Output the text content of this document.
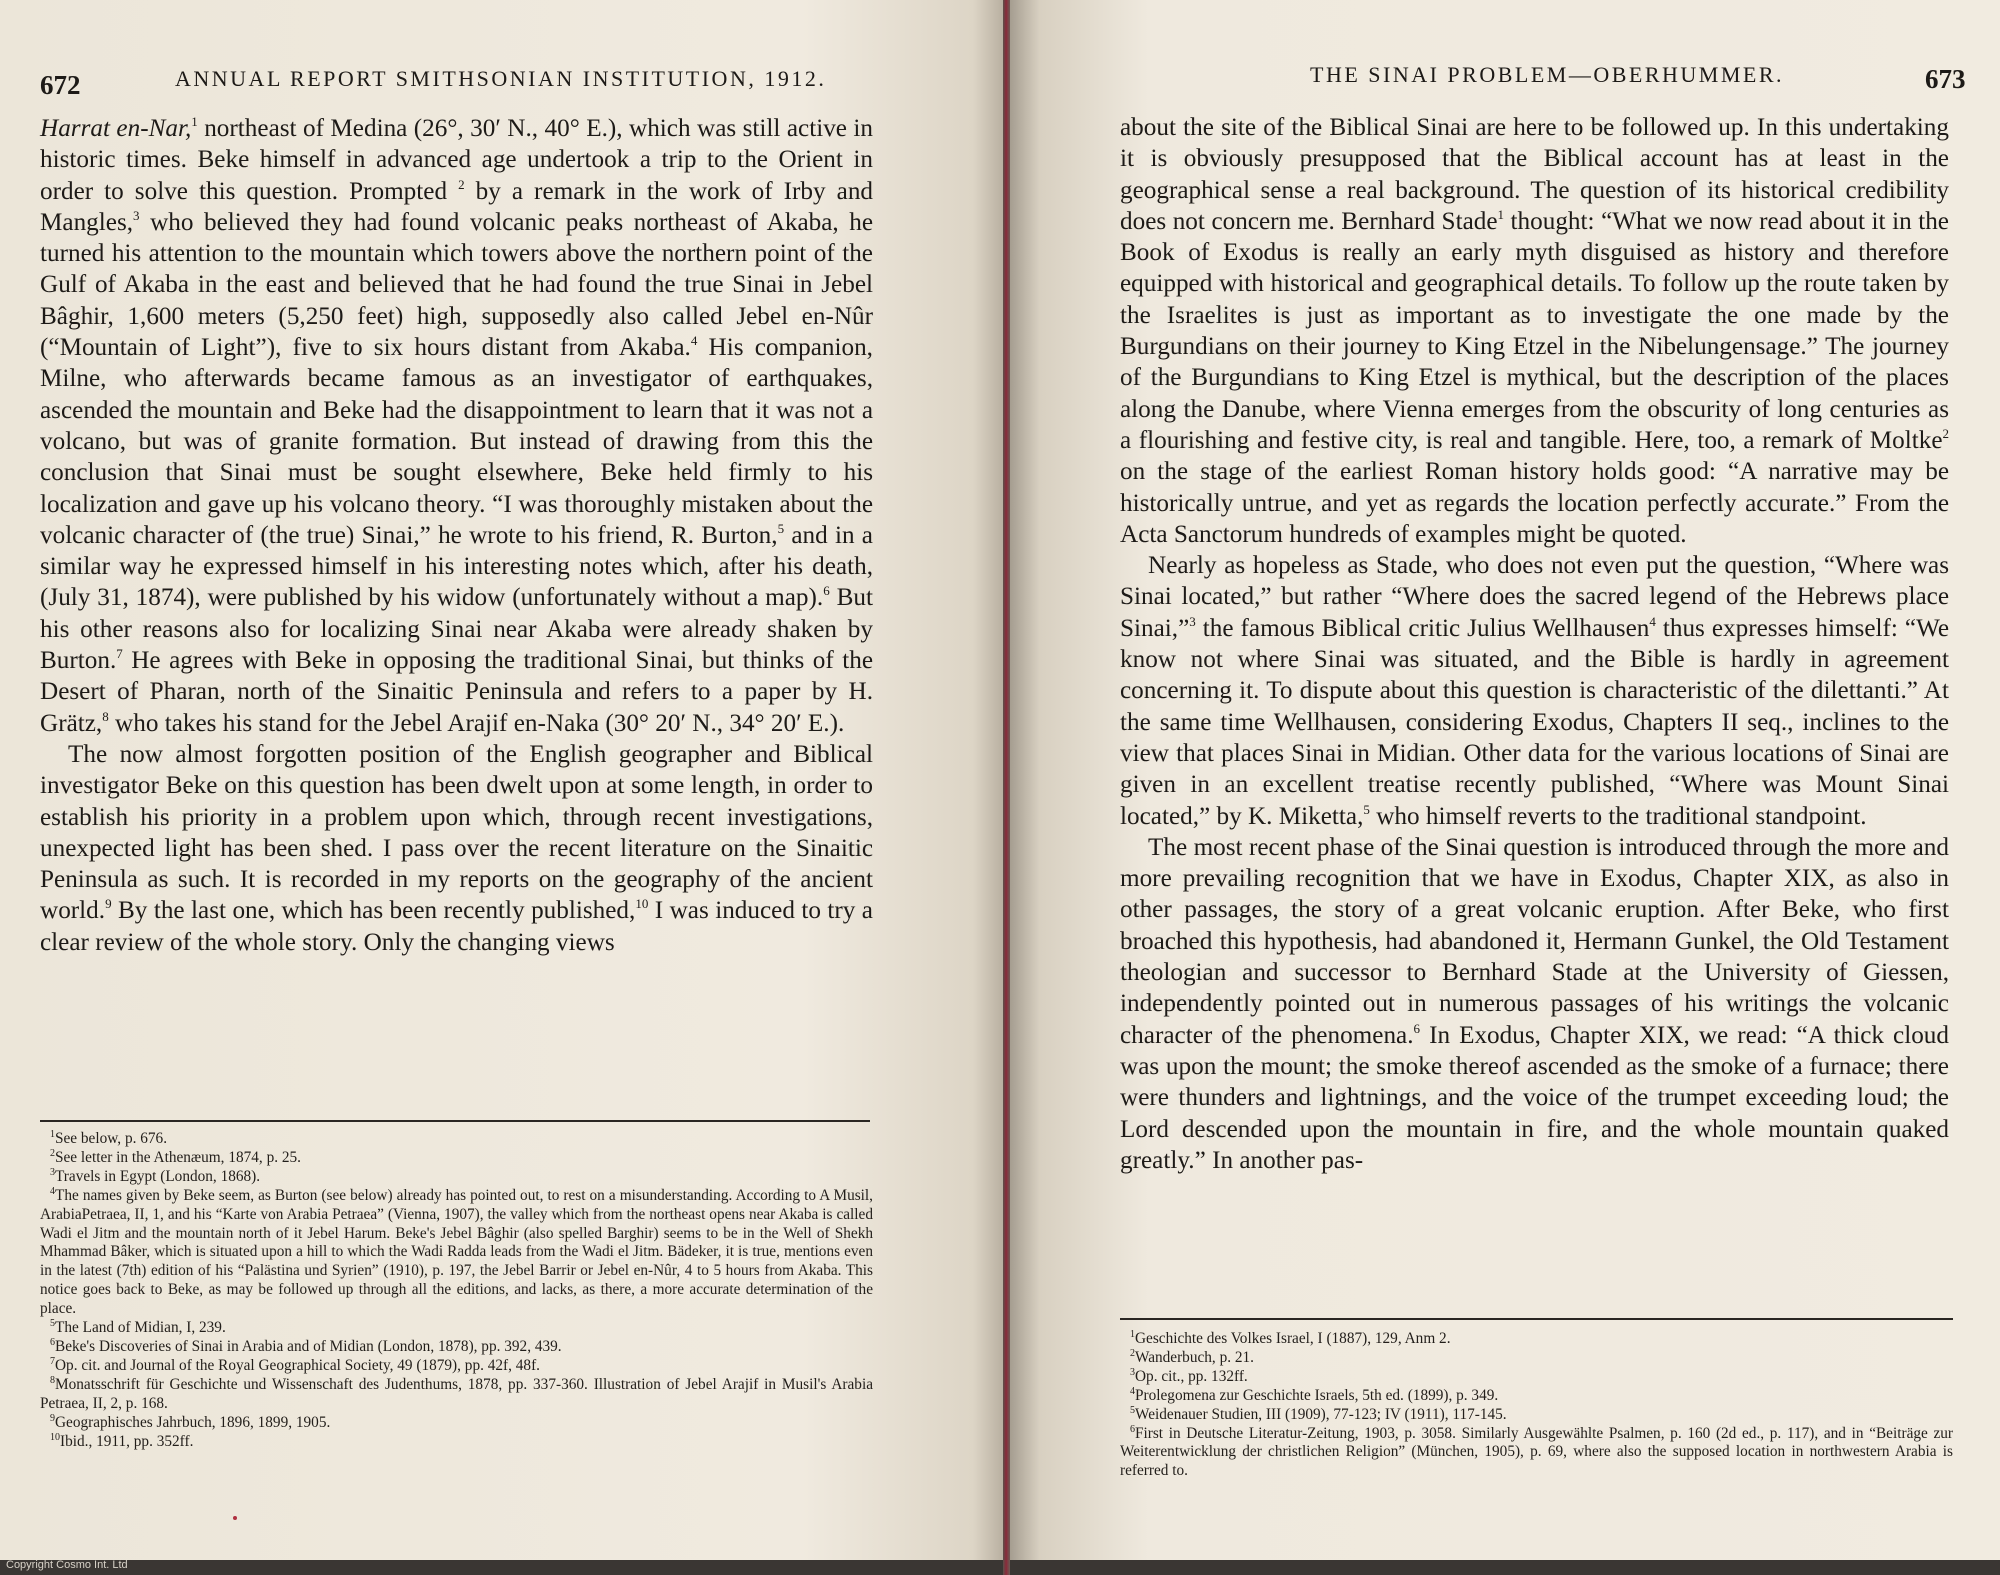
672	ANNUAL REPORT SMITHSONIAN INSTITUTION, 1912.

Harrat en-Nar,$^1$ northeast of Medina (26°, 30′ N., 40° E.), which was still active in historic times. Beke himself in advanced age undertook a trip to the Orient in order to solve this question. Prompted $^2$ by a remark in the work of Irby and Mangles,$^3$ who believed they had found volcanic peaks northeast of Akaba, he turned his attention to the mountain which towers above the northern point of the Gulf of Akaba in the east and believed that he had found the true Sinai in Jebel Bâghir, 1,600 meters (5,250 feet) high, supposedly also called Jebel en-Nûr (“Mountain of Light”), five to six hours distant from Akaba.$^4$ His companion, Milne, who afterwards became famous as an investigator of earthquakes, ascended the mountain and Beke had the disappointment to learn that it was not a volcano, but was of granite formation. But instead of drawing from this the conclusion that Sinai must be sought elsewhere, Beke held firmly to his localization and gave up his volcano theory. “I was thoroughly mistaken about the volcanic character of (the true) Sinai,” he wrote to his friend, R. Burton,$^5$ and in a similar way he expressed himself in his interesting notes which, after his death, (July 31, 1874), were published by his widow (unfortunately without a map).$^6$ But his other reasons also for localizing Sinai near Akaba were already shaken by Burton.$^7$ He agrees with Beke in opposing the traditional Sinai, but thinks of the Desert of Pharan, north of the Sinaitic Peninsula and refers to a paper by H. Grätz,$^8$ who takes his stand for the Jebel Arajif en-Naka (30° 20′ N., 34° 20′ E.).

The now almost forgotten position of the English geographer and Biblical investigator Beke on this question has been dwelt upon at some length, in order to establish his priority in a problem upon which, through recent investigations, unexpected light has been shed. I pass over the recent literature on the Sinaitic Peninsula as such. It is recorded in my reports on the geography of the ancient world.$^9$ By the last one, which has been recently published,$^{10}$ I was induced to try a clear review of the whole story. Only the changing views

$^1$See below, p. 676.
$^2$See letter in the Athenæum, 1874, p. 25.
$^3$Travels in Egypt (London, 1868).
$^4$The names given by Beke seem, as Burton (see below) already has pointed out, to rest on a misunderstanding. According to A Musil, ArabiaPetraea, II, 1, and his “Karte von Arabia Petraea” (Vienna, 1907), the valley which from the northeast opens near Akaba is called Wadi el Jitm and the mountain north of it Jebel Harum. Beke's Jebel Bâghir (also spelled Barghir) seems to be in the Well of Shekh Mhammad Bâker, which is situated upon a hill to which the Wadi Radda leads from the Wadi el Jitm. Bädeker, it is true, mentions even in the latest (7th) edition of his “Palästina und Syrien” (1910), p. 197, the Jebel Barrir or Jebel en-Nûr, 4 to 5 hours from Akaba. This notice goes back to Beke, as may be followed up through all the editions, and lacks, as there, a more accurate determination of the place.
$^5$The Land of Midian, I, 239.
$^6$Beke's Discoveries of Sinai in Arabia and of Midian (London, 1878), pp. 392, 439.
$^7$Op. cit. and Journal of the Royal Geographical Society, 49 (1879), pp. 42f, 48f.
$^8$Monatsschrift für Geschichte und Wissenschaft des Judenthums, 1878, pp. 337-360. Illustration of Jebel Arajif in Musil's Arabia Petraea, II, 2, p. 168.
$^9$Geographisches Jahrbuch, 1896, 1899, 1905.
$^{10}$Ibid., 1911, pp. 352ff.
THE SINAI PROBLEM—OBERHUMMER.	673

about the site of the Biblical Sinai are here to be followed up. In this undertaking it is obviously presupposed that the Biblical account has at least in the geographical sense a real background. The question of its historical credibility does not concern me. Bernhard Stade$^1$ thought: “What we now read about it in the Book of Exodus is really an early myth disguised as history and therefore equipped with historical and geographical details. To follow up the route taken by the Israelites is just as important as to investigate the one made by the Burgundians on their journey to King Etzel in the Nibelungensage.” The journey of the Burgundians to King Etzel is mythical, but the description of the places along the Danube, where Vienna emerges from the obscurity of long centuries as a flourishing and festive city, is real and tangible. Here, too, a remark of Moltke$^2$ on the stage of the earliest Roman history holds good: “A narrative may be historically untrue, and yet as regards the location perfectly accurate.” From the Acta Sanctorum hundreds of examples might be quoted.

Nearly as hopeless as Stade, who does not even put the question, “Where was Sinai located,” but rather “Where does the sacred legend of the Hebrews place Sinai,”$^3$ the famous Biblical critic Julius Wellhausen$^4$ thus expresses himself: “We know not where Sinai was situated, and the Bible is hardly in agreement concerning it. To dispute about this question is characteristic of the dilettanti.” At the same time Wellhausen, considering Exodus, Chapters II seq., inclines to the view that places Sinai in Midian. Other data for the various locations of Sinai are given in an excellent treatise recently published, “Where was Mount Sinai located,” by K. Miketta,$^5$ who himself reverts to the traditional standpoint.

The most recent phase of the Sinai question is introduced through the more and more prevailing recognition that we have in Exodus, Chapter XIX, as also in other passages, the story of a great volcanic eruption. After Beke, who first broached this hypothesis, had abandoned it, Hermann Gunkel, the Old Testament theologian and successor to Bernhard Stade at the University of Giessen, independently pointed out in numerous passages of his writings the volcanic character of the phenomena.$^6$ In Exodus, Chapter XIX, we read: “A thick cloud was upon the mount; the smoke thereof ascended as the smoke of a furnace; there were thunders and lightnings, and the voice of the trumpet exceeding loud; the Lord descended upon the mountain in fire, and the whole mountain quaked greatly.” In another pas-

$^1$Geschichte des Volkes Israel, I (1887), 129, Anm 2.
$^2$Wanderbuch, p. 21.
$^3$Op. cit., pp. 132ff.
$^4$Prolegomena zur Geschichte Israels, 5th ed. (1899), p. 349.
$^5$Weidenauer Studien, III (1909), 77-123; IV (1911), 117-145.
$^6$First in Deutsche Literatur-Zeitung, 1903, p. 3058. Similarly Ausgewählte Psalmen, p. 160 (2d ed., p. 117), and in “Beiträge zur Weiterentwicklung der christlichen Religion” (München, 1905), p. 69, where also the supposed location in northwestern Arabia is referred to.
Copyright Cosmo Int. Ltd
